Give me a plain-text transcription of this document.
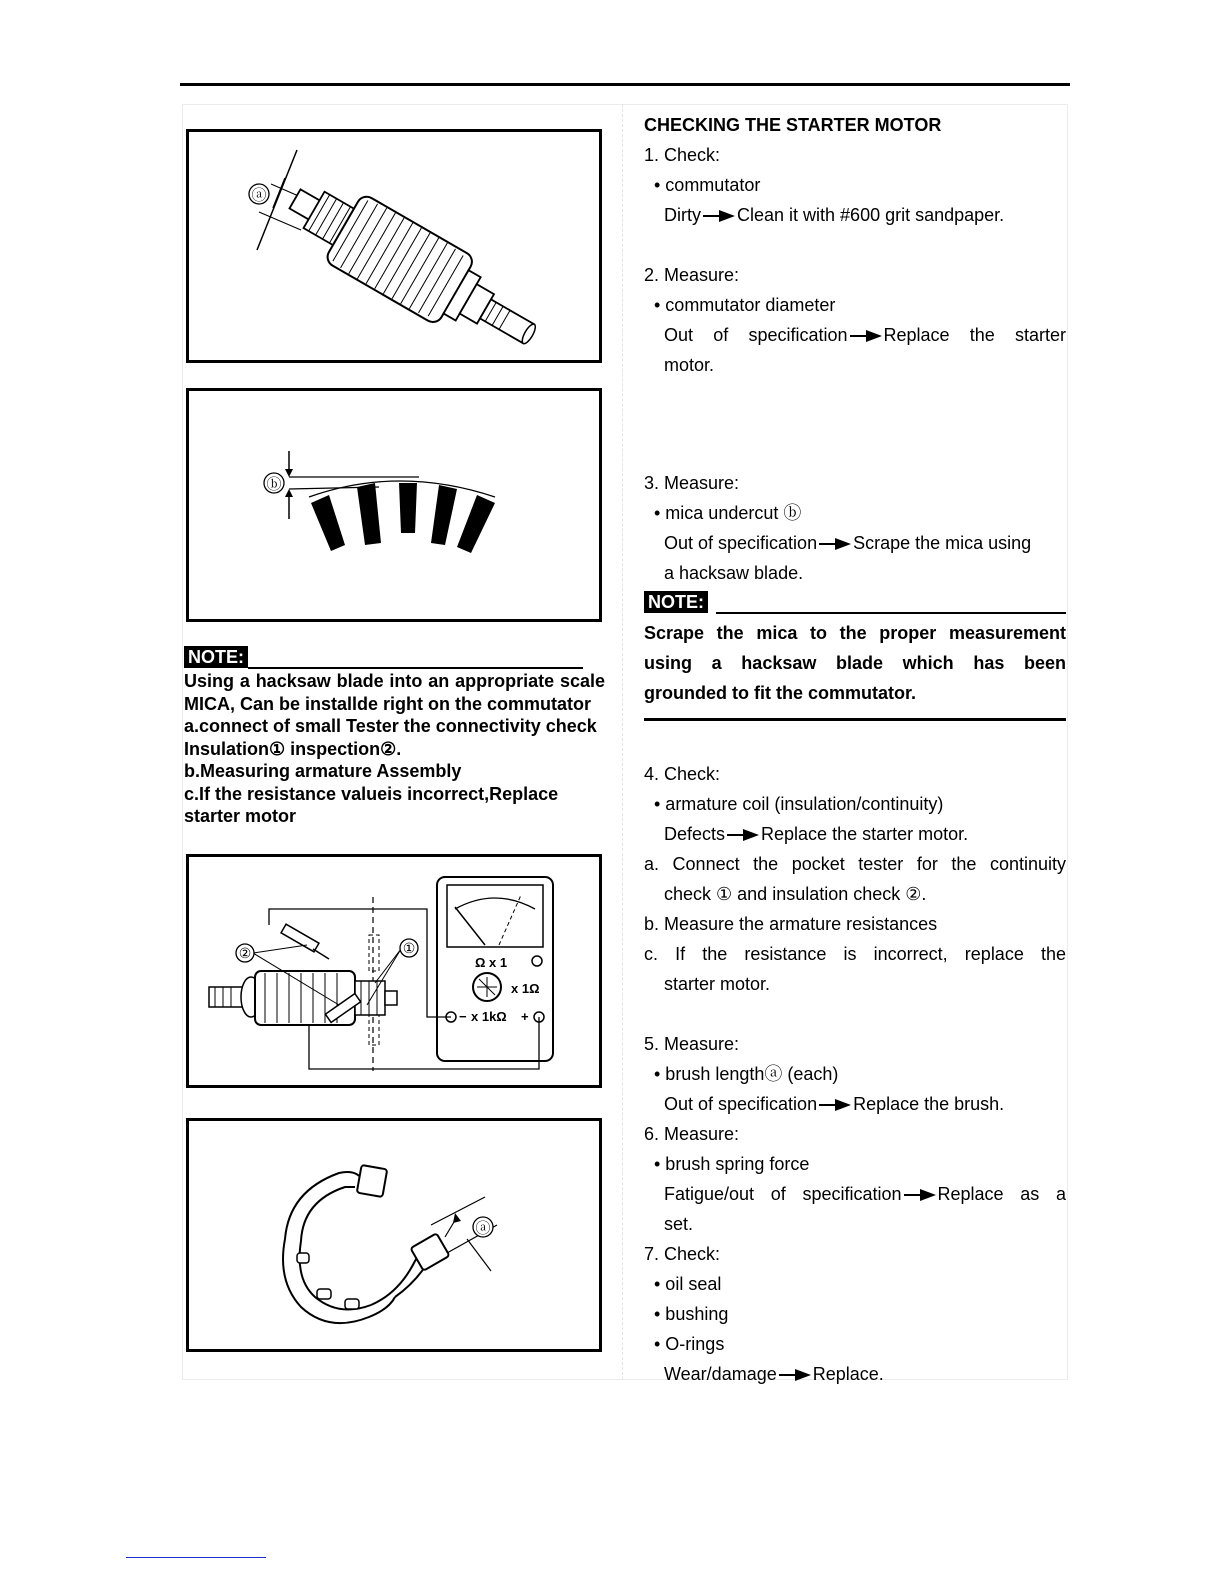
ⓐ
ⓑ
NOTE:
Using a hacksaw blade into an appropriate scale MICA, Can be installde right on the commutator
a.connect of small Tester the connectivity check Insulation① inspection②.
b.Measuring armature Assembly
c.If the resistance valueis incorrect,Replace starter motor
Ω x 1
x 1Ω
− x 1kΩ +
②	①
ⓐ
CHECKING THE STARTER MOTOR
1. Check:
• commutator
Dirty Clean it with #600 grit sandpaper.
2. Measure:
• commutator diameter
Out of specification Replace the starter
motor.
3. Measure:
• mica undercut ⓑ
Out of specification Scrape the mica using
a hacksaw blade.
NOTE:
Scrape the mica to the proper measurement using a hacksaw blade which has been grounded to fit the commutator.
4. Check:
• armature coil (insulation/continuity)
Defects Replace the starter motor.
a. Connect the pocket tester for the continuity
check ① and insulation check ②.
b. Measure the armature resistances
c. If the resistance is incorrect, replace the
starter motor.
5. Measure:
• brush lengthⓐ (each)
Out of specification Replace the brush.
6. Measure:
• brush spring force
Fatigue/out of specification Replace as a
set.
7. Check:
• oil seal
• bushing
• O-rings
Wear/damage Replace.
